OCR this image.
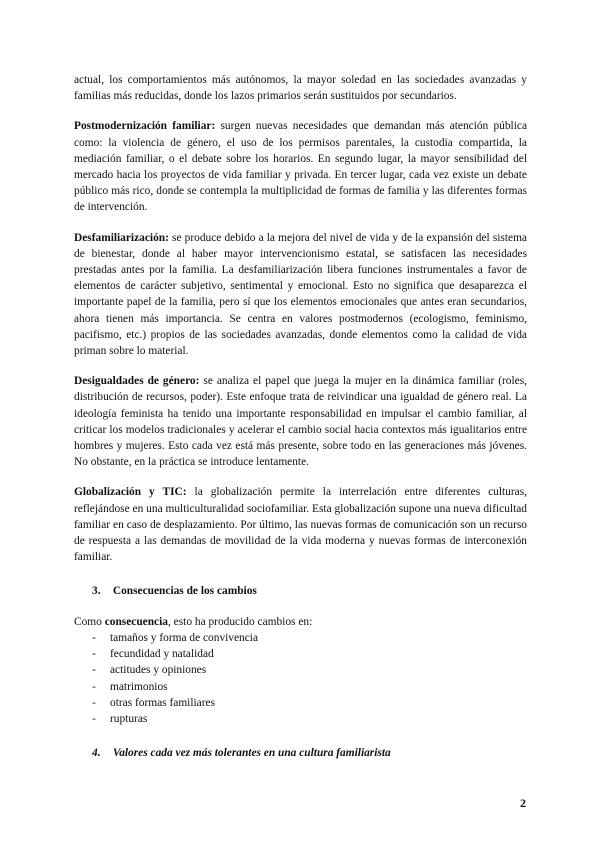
actual, los comportamientos más autónomos, la mayor soledad en las sociedades avanzadas y familias más reducidas, donde los lazos primarios serán sustituidos por secundarios.

Postmodernización familiar: surgen nuevas necesidades que demandan más atención pública como: la violencia de género, el uso de los permisos parentales, la custodia compartida, la mediación familiar, o el debate sobre los horarios. En segundo lugar, la mayor sensibilidad del mercado hacia los proyectos de vida familiar y privada. En tercer lugar, cada vez existe un debate público más rico, donde se contempla la multiplicidad de formas de familia y las diferentes formas de intervención.

Desfamiliarización: se produce debido a la mejora del nivel de vida y de la expansión del sistema de bienestar, donde al haber mayor intervencionismo estatal, se satisfacen las necesidades prestadas antes por la familia. La desfamiliarización libera funciones instrumentales a favor de elementos de carácter subjetivo, sentimental y emocional. Esto no significa que desaparezca el importante papel de la familia, pero sí que los elementos emocionales que antes eran secundarios, ahora tienen más importancia. Se centra en valores postmodernos (ecologismo, feminismo, pacifismo, etc.) propios de las sociedades avanzadas, donde elementos como la calidad de vida priman sobre lo material.

Desigualdades de género: se analiza el papel que juega la mujer en la dinámica familiar (roles, distribución de recursos, poder). Este enfoque trata de reivindicar una igualdad de género real. La ideología feminista ha tenido una importante responsabilidad en impulsar el cambio familiar, al criticar los modelos tradicionales y acelerar el cambio social hacia contextos más igualitarios entre hombres y mujeres. Esto cada vez está más presente, sobre todo en las generaciones más jóvenes. No obstante, en la práctica se introduce lentamente.

Globalización y TIC: la globalización permite la interrelación entre diferentes culturas, reflejándose en una multiculturalidad sociofamiliar. Esta globalización supone una nueva dificultad familiar en caso de desplazamiento. Por último, las nuevas formas de comunicación son un recurso de respuesta a las demandas de movilidad de la vida moderna y nuevas formas de interconexión familiar.

3. Consecuencias de los cambios

Como consecuencia, esto ha producido cambios en:

- tamaños y forma de convivencia
- fecundidad y natalidad
- actitudes y opiniones
- matrimonios
- otras formas familiares
- rupturas
4. Valores cada vez más tolerantes en una cultura familiarista
2
